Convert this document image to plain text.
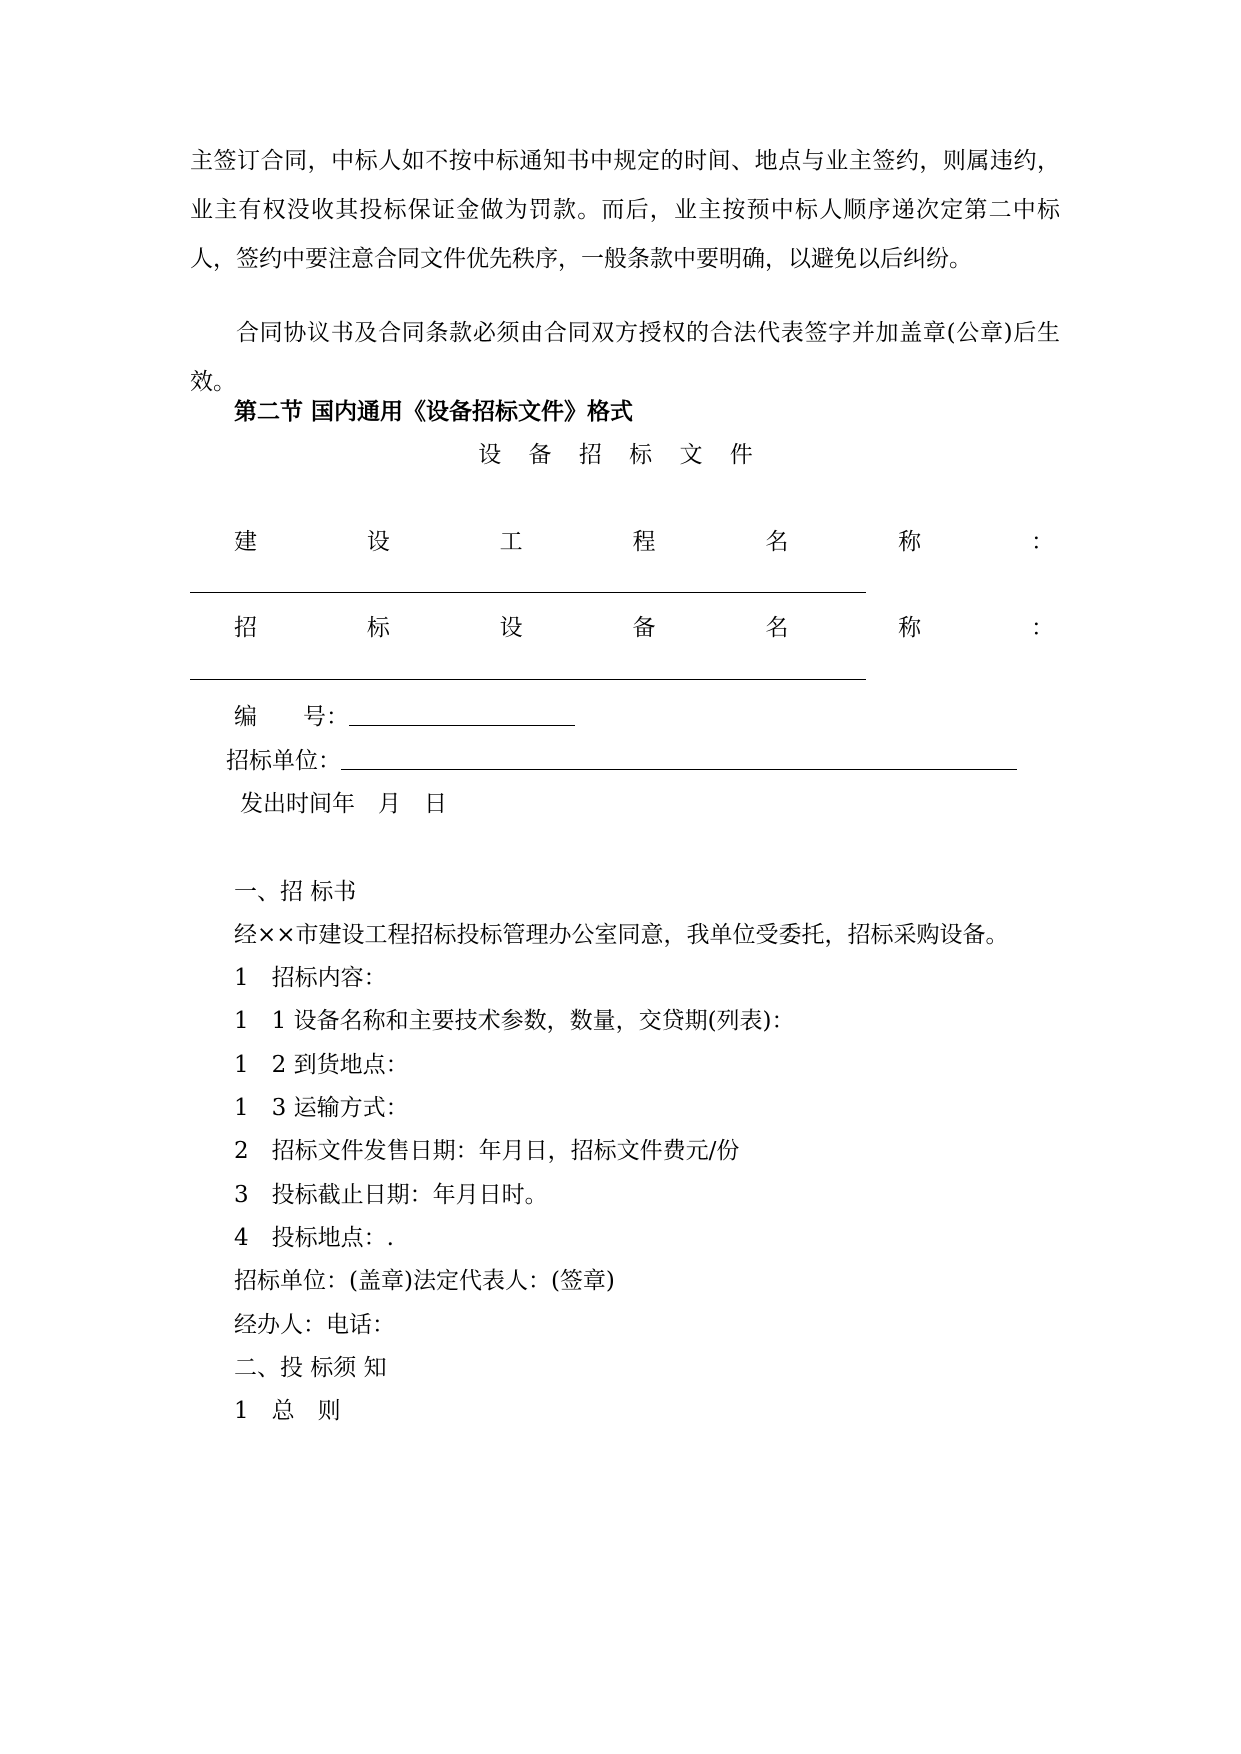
主签订合同，中标人如不按中标通知书中规定的时间、地点与业主签约，则属违约，业主有权没收其投标保证金做为罚款。而后，业主按预中标人顺序递次定第二中标人，签约中要注意合同文件优先秩序，一般条款中要明确，以避免以后纠纷。
合同协议书及合同条款必须由合同双方授权的合法代表签字并加盖章(公章)后生效。
第二节 国内通用《设备招标文件》格式
设 备 招 标 文 件
建	设	工	程	名	称	：
招	标	设	备	名	称	：
编　　号：
招标单位：
发出时间年　月　日
一、招 标书
经××市建设工程招标投标管理办公室同意，我单位受委托，招标采购设备。
1　招标内容：
1　1 设备名称和主要技术参数，数量，交贷期(列表)：
1　2 到货地点：
1　3 运输方式：
2　招标文件发售日期：年月日，招标文件费元/份
3　投标截止日期：年月日时。
4　投标地点：.
招标单位：(盖章)法定代表人：(签章)
经办人：电话：
二、投 标须 知
1　总　则
